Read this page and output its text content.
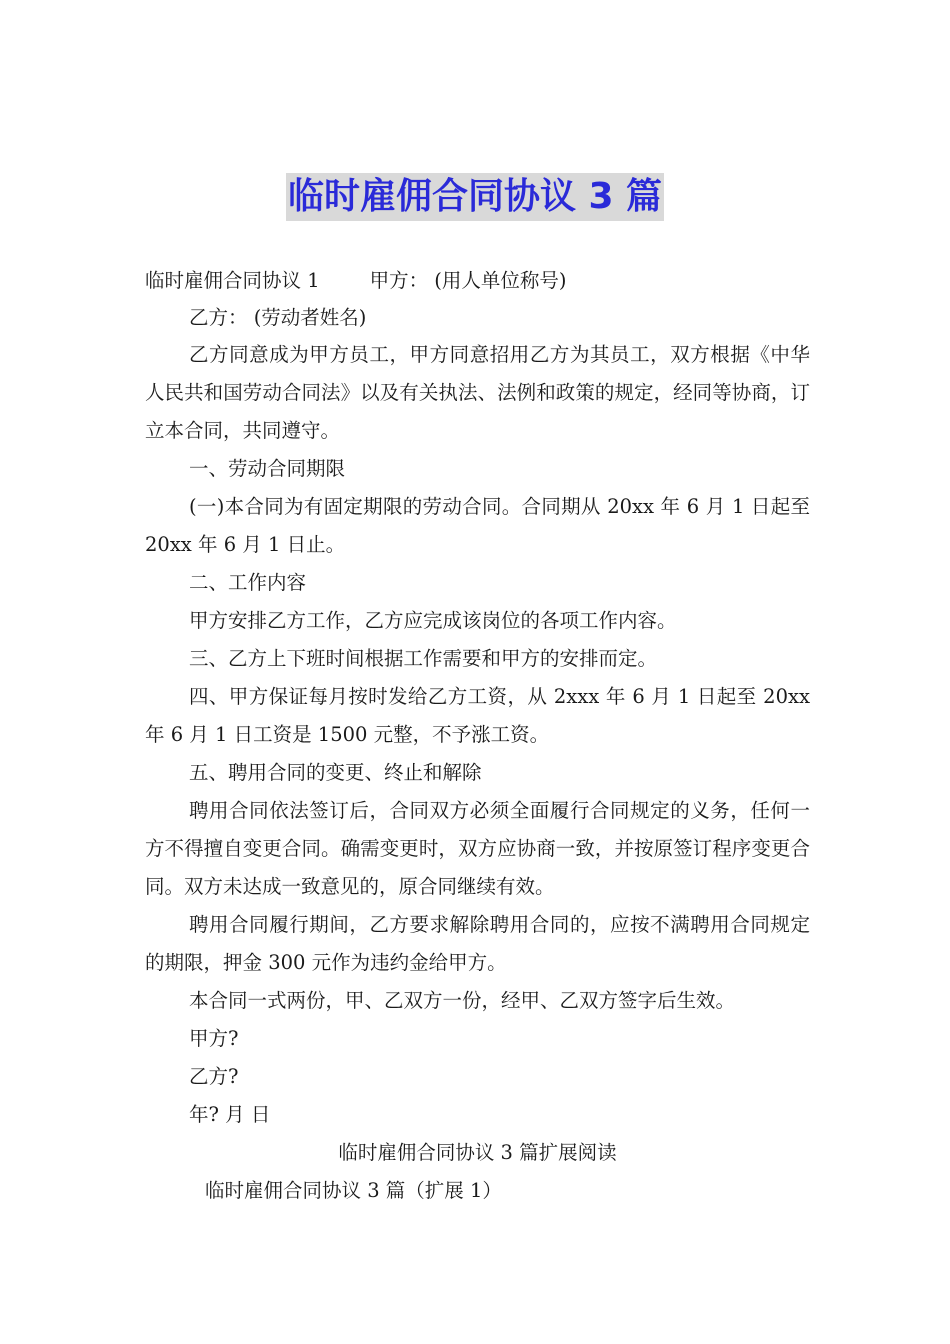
临时雇佣合同协议 3 篇

临时雇佣合同协议 1	甲方： (用人单位称号)

乙方： (劳动者姓名)

乙方同意成为甲方员工，甲方同意招用乙方为其员工，双方根据《中华人民共和国劳动合同法》以及有关执法、法例和政策的规定，经同等协商，订立本合同，共同遵守。

一、劳动合同期限

(一)本合同为有固定期限的劳动合同。合同期从 20xx 年 6 月 1 日起至 20xx 年 6 月 1 日止。

二、工作内容

甲方安排乙方工作，乙方应完成该岗位的各项工作内容。

三、乙方上下班时间根据工作需要和甲方的安排而定。

四、甲方保证每月按时发给乙方工资，从 2xxx 年 6 月 1 日起至 20xx 年 6 月 1 日工资是 1500 元整，不予涨工资。

五、聘用合同的变更、终止和解除

聘用合同依法签订后，合同双方必须全面履行合同规定的义务，任何一方不得擅自变更合同。确需变更时，双方应协商一致，并按原签订程序变更合同。双方未达成一致意见的，原合同继续有效。

聘用合同履行期间，乙方要求解除聘用合同的，应按不满聘用合同规定的期限，押金 300 元作为违约金给甲方。

本合同一式两份，甲、乙双方一份，经甲、乙双方签字后生效。

甲方?

乙方?

年? 月 日

临时雇佣合同协议 3 篇扩展阅读

临时雇佣合同协议 3 篇（扩展 1）
